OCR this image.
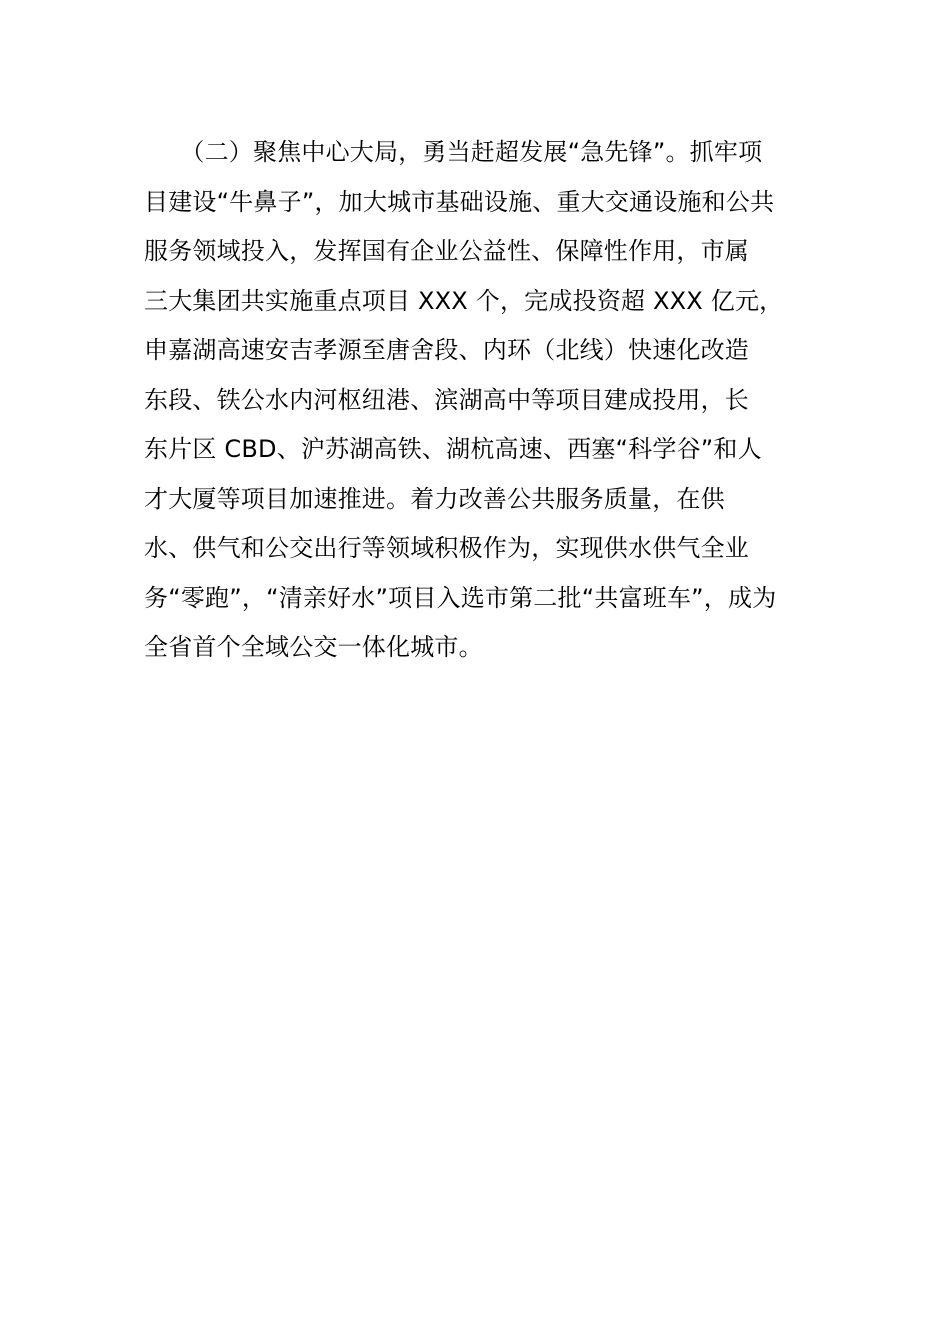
　　（二）聚焦中心大局，勇当赶超发展“急先锋”。抓牢项
目建设“牛鼻子”，加大城市基础设施、重大交通设施和公共
服务领域投入，发挥国有企业公益性、保障性作用，市属
三大集团共实施重点项目 XXX 个，完成投资超 XXX 亿元，
申嘉湖高速安吉孝源至唐舍段、内环（北线）快速化改造
东段、铁公水内河枢纽港、滨湖高中等项目建成投用，长
东片区 CBD、沪苏湖高铁、湖杭高速、西塞“科学谷”和人
才大厦等项目加速推进。着力改善公共服务质量，在供
水、供气和公交出行等领域积极作为，实现供水供气全业
务“零跑”，“清亲好水”项目入选市第二批“共富班车”，成为
全省首个全域公交一体化城市。
